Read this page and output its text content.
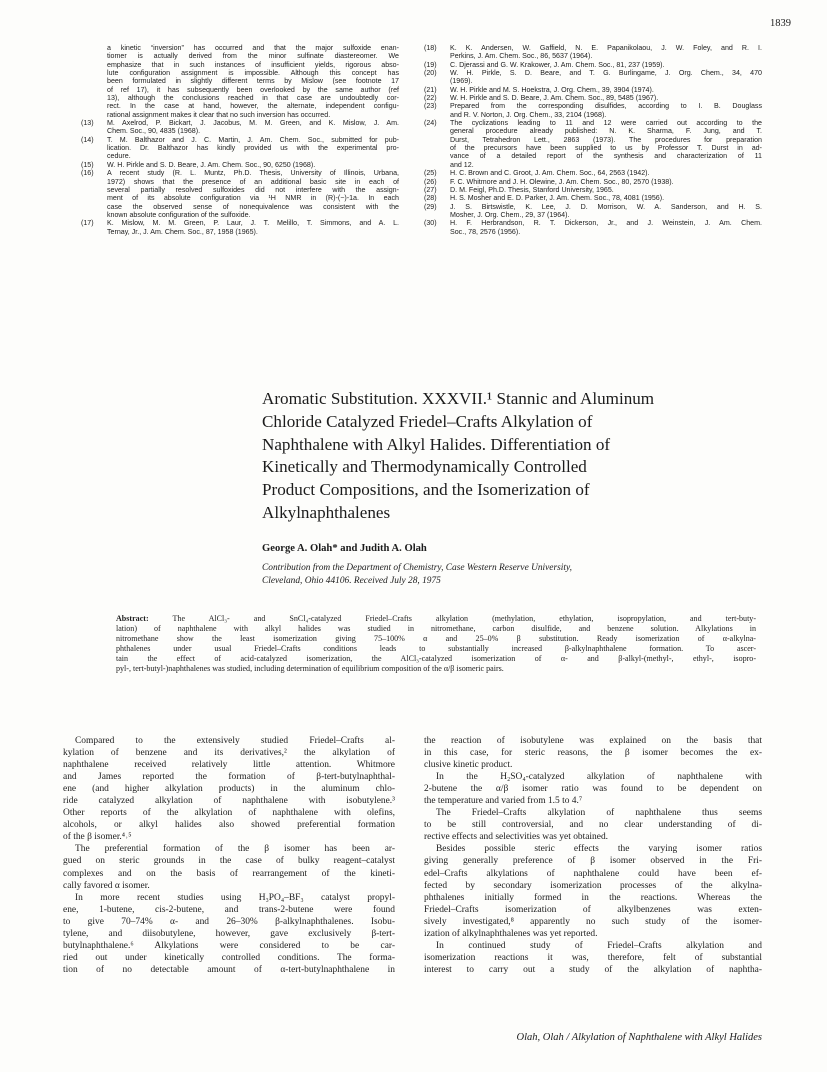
1839
a kinetic “inversion” has occurred and that the major sulfoxide enan-
tiomer is actually derived from the minor sulfinate diastereomer. We
emphasize that in such instances of insufficient yields, rigorous abso-
lute configuration assignment is impossible. Although this concept has
been formulated in slightly different terms by Mislow (see footnote 17
of ref 17), it has subsequently been overlooked by the same author (ref
13), although the conclusions reached in that case are undoubtedly cor-
rect. In the case at hand, however, the alternate, independent configu-
rational assignment makes it clear that no such inversion has occurred.
(13) M. Axelrod, P. Bickart, J. Jacobus, M. M. Green, and K. Mislow, J. Am.
Chem. Soc., 90, 4835 (1968).
(14) T. M. Balthazor and J. C. Martin, J. Am. Chem. Soc., submitted for pub-
lication. Dr. Balthazor has kindly provided us with the experimental pro-
cedure.
(15) W. H. Pirkle and S. D. Beare, J. Am. Chem. Soc., 90, 6250 (1968).
(16) A recent study (R. L. Muntz, Ph.D. Thesis, University of Illinois, Urbana,
1972) shows that the presence of an additional basic site in each of
several partially resolved sulfoxides did not interfere with the assign-
ment of its absolute configuration via ¹H NMR in (R)-(−)-1a. In each
case the observed sense of nonequivalence was consistent with the
known absolute configuration of the sulfoxide.
(17) K. Mislow, M. M. Green, P. Laur, J. T. Melillo, T. Simmons, and A. L.
Ternay, Jr., J. Am. Chem. Soc., 87, 1958 (1965).
(18) K. K. Andersen, W. Gaffield, N. E. Papanikolaou, J. W. Foley, and R. I.
Perkins, J. Am. Chem. Soc., 86, 5637 (1964).
(19) C. Djerassi and G. W. Krakower, J. Am. Chem. Soc., 81, 237 (1959).
(20) W. H. Pirkle, S. D. Beare, and T. G. Burlingame, J. Org. Chem., 34, 470
(1969).
(21) W. H. Pirkle and M. S. Hoekstra, J. Org. Chem., 39, 3904 (1974).
(22) W. H. Pirkle and S. D. Beare, J. Am. Chem. Soc., 89, 5485 (1967).
(23) Prepared from the corresponding disulfides, according to I. B. Douglass
and R. V. Norton, J. Org. Chem., 33, 2104 (1968).
(24) The cyclizations leading to 11 and 12 were carried out according to the
general procedure already published: N. K. Sharma, F. Jung, and T.
Durst, Tetrahedron Lett., 2863 (1973). The procedures for preparation
of the precursors have been supplied to us by Professor T. Durst in ad-
vance of a detailed report of the synthesis and characterization of 11
and 12.
(25) H. C. Brown and C. Groot, J. Am. Chem. Soc., 64, 2563 (1942).
(26) F. C. Whitmore and J. H. Olewine, J. Am. Chem. Soc., 80, 2570 (1938).
(27) D. M. Feigl, Ph.D. Thesis, Stanford University, 1965.
(28) H. S. Mosher and E. D. Parker, J. Am. Chem. Soc., 78, 4081 (1956).
(29) J. S. Birtswistle, K. Lee, J. D. Morrison, W. A. Sanderson, and H. S.
Mosher, J. Org. Chem., 29, 37 (1964).
(30) H. F. Herbrandson, R. T. Dickerson, Jr., and J. Weinstein, J. Am. Chem.
Soc., 78, 2576 (1956).
Aromatic Substitution. XXXVII.¹ Stannic and Aluminum
Chloride Catalyzed Friedel–Crafts Alkylation of
Naphthalene with Alkyl Halides. Differentiation of
Kinetically and Thermodynamically Controlled
Product Compositions, and the Isomerization of
Alkylnaphthalenes
George A. Olah* and Judith A. Olah
Contribution from the Department of Chemistry, Case Western Reserve University,
Cleveland, Ohio 44106. Received July 28, 1975
Abstract:	The AlCl₃- and SnCl₄-catalyzed Friedel–Crafts alkylation (methylation, ethylation, isopropylation, and tert-buty-
lation) of naphthalene with alkyl halides was studied in nitromethane, carbon disulfide, and benzene solution. Alkylations in
nitromethane show the least isomerization giving 75–100% α and 25–0% β substitution. Ready isomerization of α-alkylna-
phthalenes under usual Friedel–Crafts conditions leads to substantially increased β-alkylnaphthalene formation. To ascer-
tain the effect of acid-catalyzed isomerization, the AlCl₃-catalyzed isomerization of α- and β-alkyl-(methyl-, ethyl-, isopro-
pyl-, tert-butyl-)naphthalenes was studied, including determination of equilibrium composition of the α/β isomeric pairs.
Compared to the extensively studied Friedel–Crafts al-
kylation of benzene and its derivatives,² the alkylation of
naphthalene received relatively little attention. Whitmore
and James reported the formation of β-tert-butylnaphthal-
ene (and higher alkylation products) in the aluminum chlo-
ride catalyzed alkylation of naphthalene with isobutylene.³
Other reports of the alkylation of naphthalene with olefins,
alcohols, or alkyl halides also showed preferential formation
of the β isomer.⁴˒⁵
The preferential formation of the β isomer has been ar-
gued on steric grounds in the case of bulky reagent–catalyst
complexes and on the basis of rearrangement of the kineti-
cally favored α isomer.
In more recent studies using H₃PO₄–BF₃ catalyst propyl-
ene, 1-butene, cis-2-butene, and trans-2-butene were found
to give 70–74% α- and 26–30% β-alkylnaphthalenes. Isobu-
tylene, and diisobutylene, however, gave exclusively β-tert-
butylnaphthalene.⁶ Alkylations were considered to be car-
ried out under kinetically controlled conditions. The forma-
tion of no detectable amount of α-tert-butylnaphthalene in
the reaction of isobutylene was explained on the basis that
in this case, for steric reasons, the β isomer becomes the ex-
clusive kinetic product.
In the H₂SO₄-catalyzed alkylation of naphthalene with
2-butene the α/β isomer ratio was found to be dependent on
the temperature and varied from 1.5 to 4.⁷
The Friedel–Crafts alkylation of naphthalene thus seems
to be still controversial, and no clear understanding of di-
rective effects and selectivities was yet obtained.
Besides possible steric effects the varying isomer ratios
giving generally preference of β isomer observed in the Fri-
edel–Crafts alkylations of naphthalene could have been ef-
fected by secondary isomerization processes of the alkylna-
phthalenes initially formed in the reactions. Whereas the
Friedel–Crafts isomerization of alkylbenzenes was exten-
sively investigated,⁸ apparently no such study of the isomer-
ization of alkylnaphthalenes was yet reported.
In continued study of Friedel–Crafts alkylation and
isomerization reactions it was, therefore, felt of substantial
interest to carry out a study of the alkylation of naphtha-
Olah, Olah / Alkylation of Naphthalene with Alkyl Halides
